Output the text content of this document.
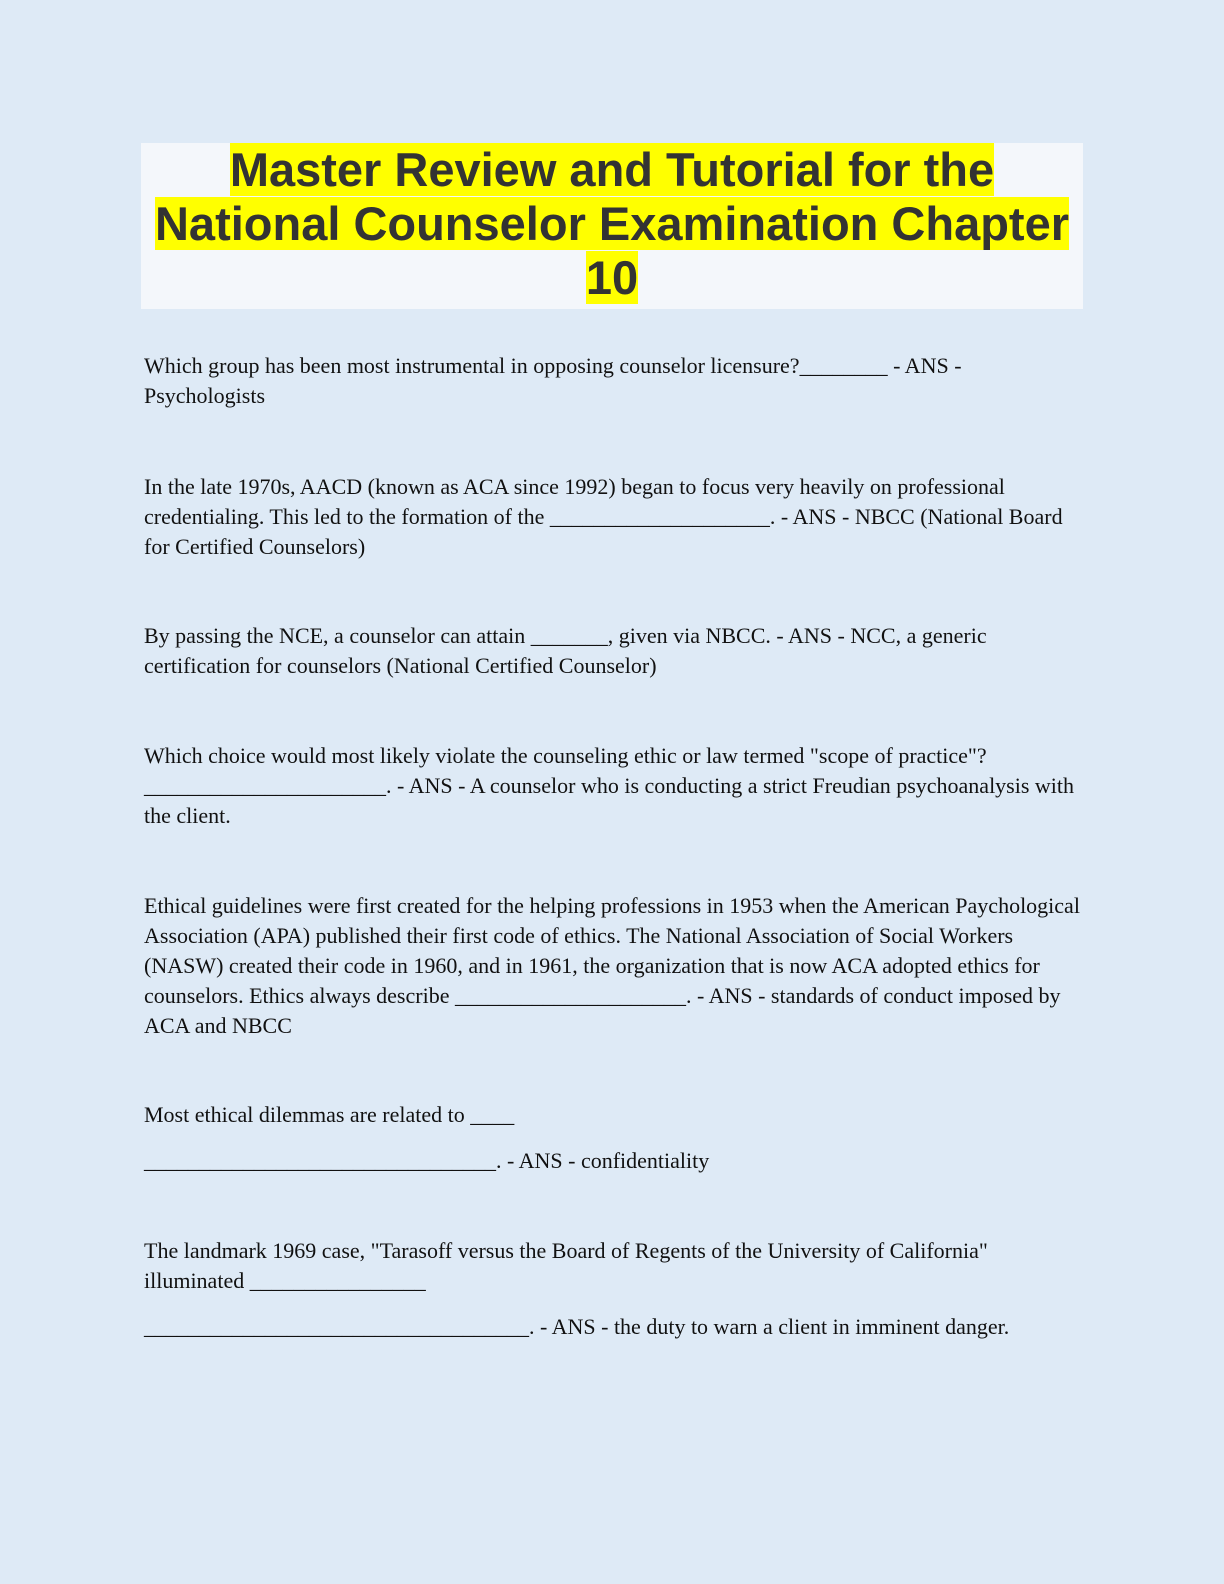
Master Review and Tutorial for the National Counselor Examination Chapter 10

Which group has been most instrumental in opposing counselor licensure?________ - ANS - Psychologists

In the late 1970s, AACD (known as ACA since 1992) began to focus very heavily on professional credentialing. This led to the formation of the ____________________. - ANS - NBCC (National Board for Certified Counselors)

By passing the NCE, a counselor can attain _______, given via NBCC. - ANS - NCC, a generic certification for counselors (National Certified Counselor)

Which choice would most likely violate the counseling ethic or law termed "scope of practice"? ______________________. - ANS - A counselor who is conducting a strict Freudian psychoanalysis with the client.

Ethical guidelines were first created for the helping professions in 1953 when the American Paychological Association (APA) published their first code of ethics. The National Association of Social Workers (NASW) created their code in 1960, and in 1961, the organization that is now ACA adopted ethics for counselors. Ethics always describe _____________________. - ANS - standards of conduct imposed by ACA and NBCC

Most ethical dilemmas are related to ____

________________________________. - ANS - confidentiality

The landmark 1969 case, "Tarasoff versus the Board of Regents of the University of California" illuminated ________________

___________________________________. - ANS - the duty to warn a client in imminent danger.
